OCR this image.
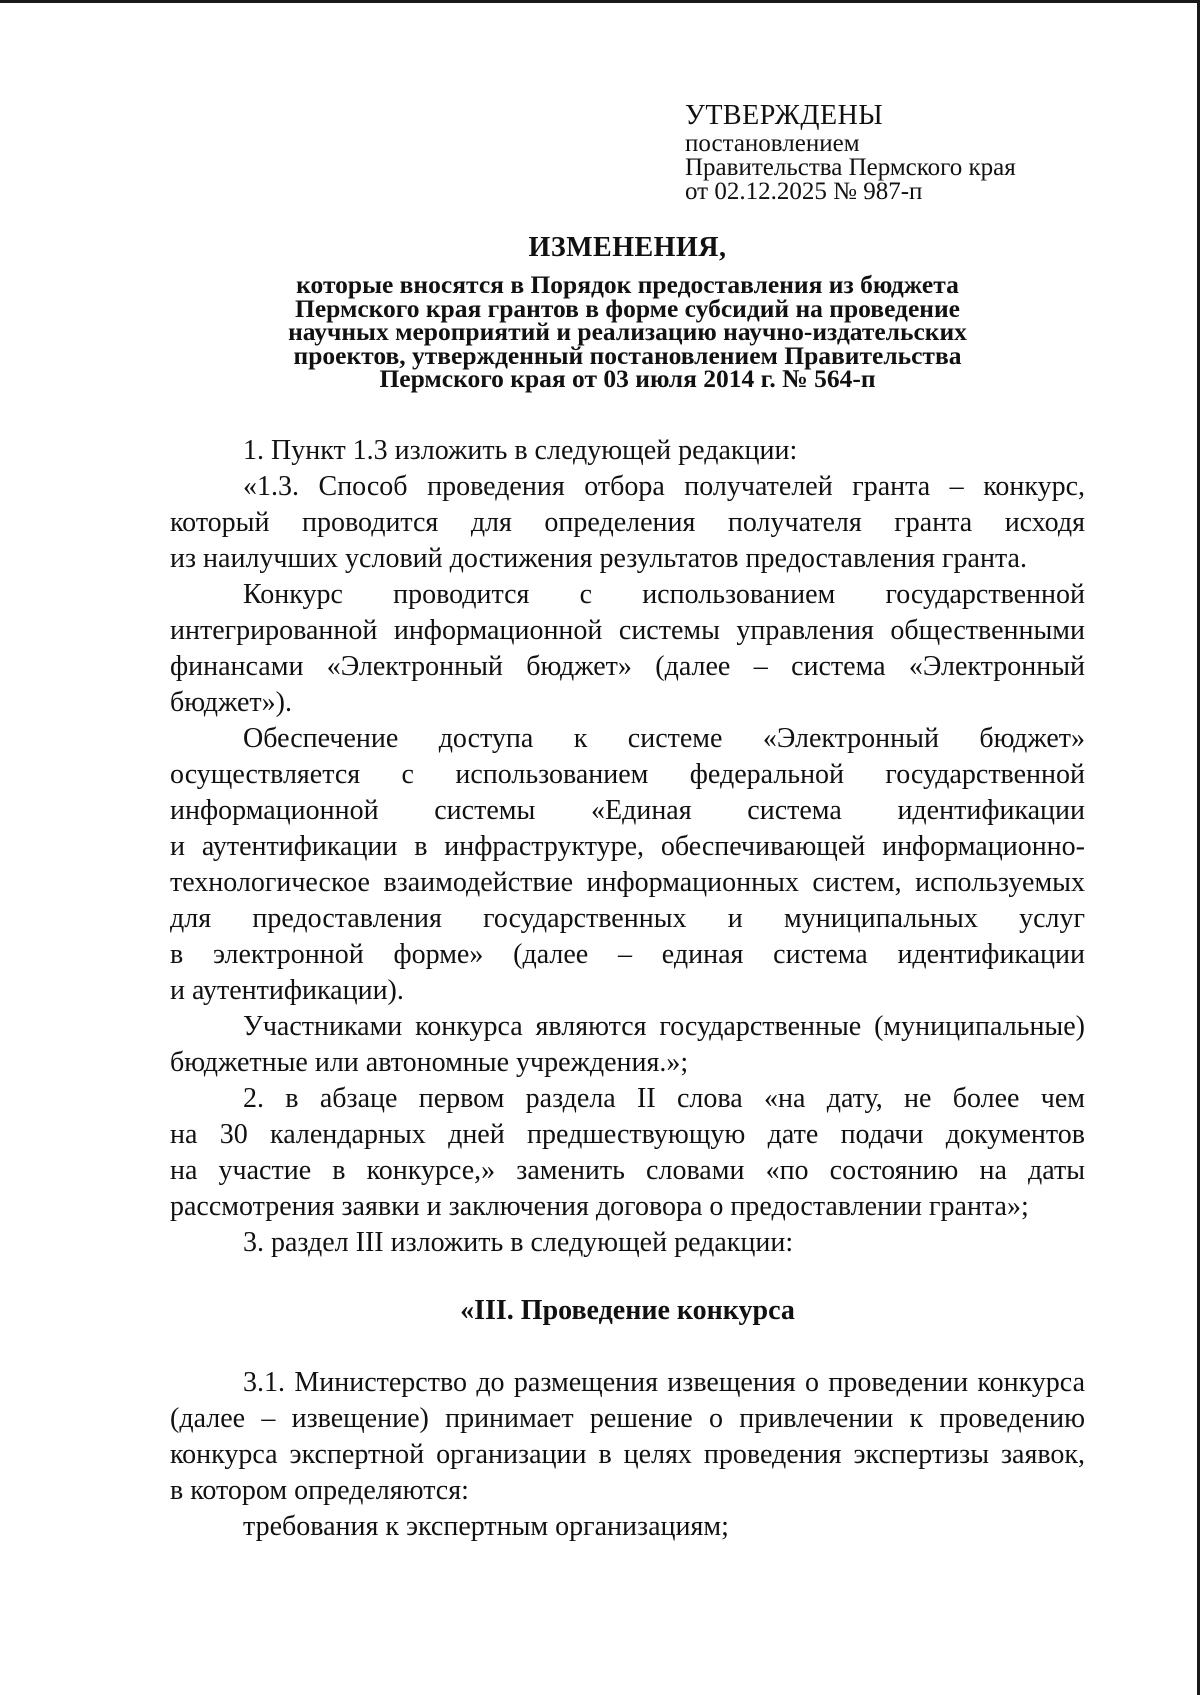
УТВЕРЖДЕНЫ
постановлением
Правительства Пермского края
от 02.12.2025 № 987-п
ИЗМЕНЕНИЯ,
которые вносятся в Порядок предоставления из бюджета
Пермского края грантов в форме субсидий на проведение
научных мероприятий и реализацию научно-издательских
проектов, утвержденный постановлением Правительства
Пермского края от 03 июля 2014 г. № 564-п
1. Пункт 1.3 изложить в следующей редакции:
«1.3. Способ проведения отбора получателей гранта – конкурс,
который проводится для определения получателя гранта исходя
из наилучших условий достижения результатов предоставления гранта.
Конкурс проводится с использованием государственной
интегрированной информационной системы управления общественными
финансами «Электронный бюджет» (далее – система «Электронный
бюджет»).
Обеспечение доступа к системе «Электронный бюджет»
осуществляется с использованием федеральной государственной
информационной системы «Единая система идентификации
и аутентификации в инфраструктуре, обеспечивающей информационно-
технологическое взаимодействие информационных систем, используемых
для предоставления государственных и муниципальных услуг
в электронной форме» (далее – единая система идентификации
и аутентификации).
Участниками конкурса являются государственные (муниципальные)
бюджетные или автономные учреждения.»;
2. в абзаце первом раздела II слова «на дату, не более чем
на 30 календарных дней предшествующую дате подачи документов
на участие в конкурсе,» заменить словами «по состоянию на даты
рассмотрения заявки и заключения договора о предоставлении гранта»;
3. раздел III изложить в следующей редакции:
«III. Проведение конкурса
3.1. Министерство до размещения извещения о проведении конкурса
(далее – извещение) принимает решение о привлечении к проведению
конкурса экспертной организации в целях проведения экспертизы заявок,
в котором определяются:
требования к экспертным организациям;
